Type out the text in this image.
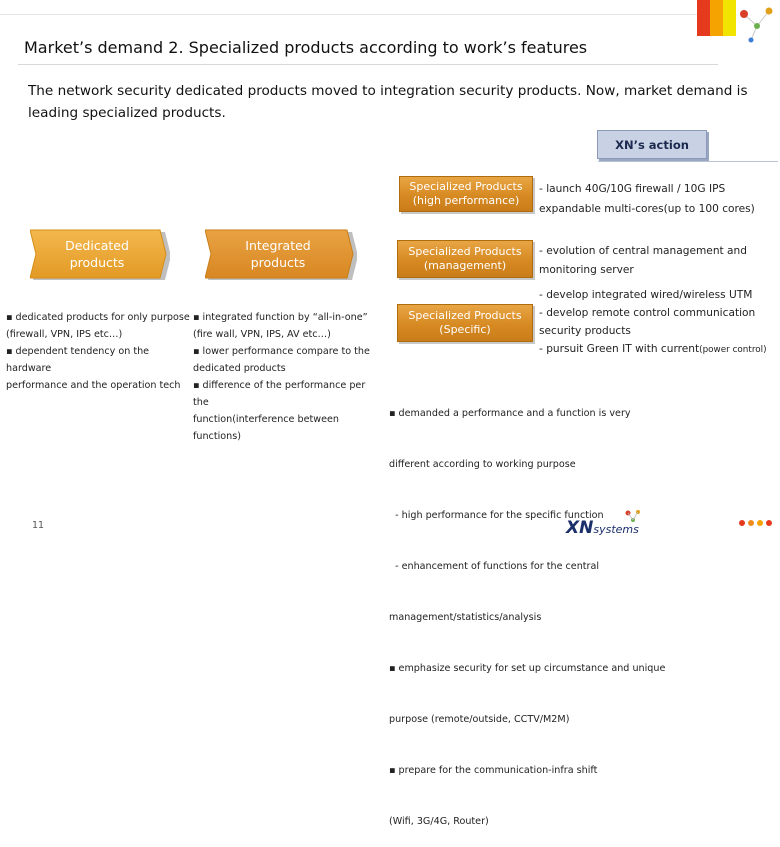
Market’s demand 2. Specialized products according to work’s features
The network security dedicated products moved to integration security products. Now, market demand is leading specialized products.
XN’s action
Dedicated
products
Integrated
products
Specialized Products
(high performance)
Specialized Products
(management)
Specialized Products
(Specific)
- launch 40G/10G firewall / 10G IPS
expandable multi-cores(up to 100 cores)
- evolution of central management and
monitoring server
- develop integrated wired/wireless UTM
- develop remote control communication
security products
- pursuit Green IT with current(power control)
▪ dedicated products for only purpose
(firewall, VPN, IPS etc…)
▪ dependent tendency on the hardware
performance and the operation tech
▪ integrated function by “all-in-one”
(fire wall, VPN, IPS, AV etc…)
▪ lower performance compare to the
dedicated products
▪ difference of the performance per the
function(interference between functions)

▪ demanded a performance and a function is very

different according to working purpose

- high performance for the specific function

- enhancement of functions for the central

management/statistics/analysis

▪ emphasize security for set up circumstance and unique

purpose (remote/outside, CCTV/M2M)

▪ prepare for the communication-infra shift

(Wifi, 3G/4G, Router)

11	XNsystems
